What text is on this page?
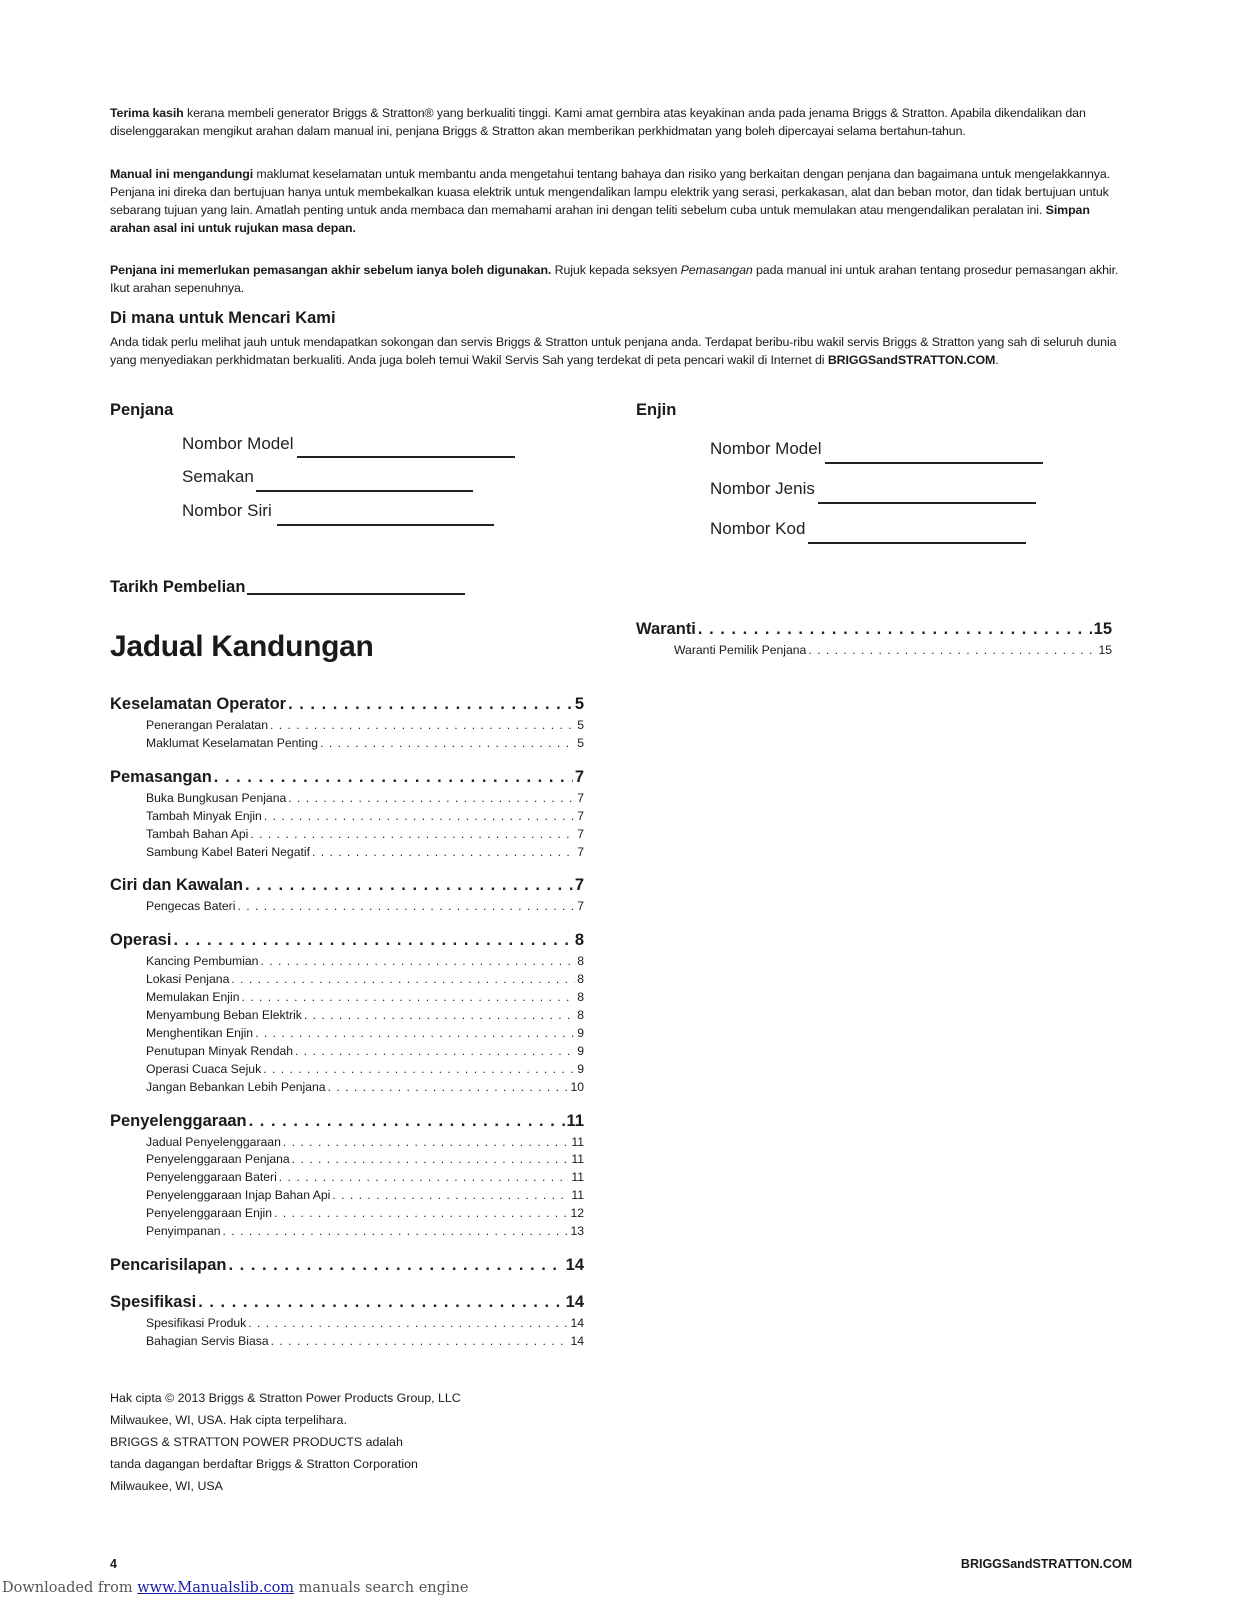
Terima kasih kerana membeli generator Briggs & Stratton® yang berkualiti tinggi. Kami amat gembira atas keyakinan anda pada jenama Briggs & Stratton. Apabila dikendalikan dan diselenggarakan mengikut arahan dalam manual ini, penjana Briggs & Stratton akan memberikan perkhidmatan yang boleh dipercayai selama bertahun-tahun.

Manual ini mengandungi maklumat keselamatan untuk membantu anda mengetahui tentang bahaya dan risiko yang berkaitan dengan penjana dan bagaimana untuk mengelakkannya. Penjana ini direka dan bertujuan hanya untuk membekalkan kuasa elektrik untuk mengendalikan lampu elektrik yang serasi, perkakasan, alat dan beban motor, dan tidak bertujuan untuk sebarang tujuan yang lain. Amatlah penting untuk anda membaca dan memahami arahan ini dengan teliti sebelum cuba untuk memulakan atau mengendalikan peralatan ini. Simpan arahan asal ini untuk rujukan masa depan.

Penjana ini memerlukan pemasangan akhir sebelum ianya boleh digunakan. Rujuk kepada seksyen Pemasangan pada manual ini untuk arahan tentang prosedur pemasangan akhir. Ikut arahan sepenuhnya.

Di mana untuk Mencari Kami

Anda tidak perlu melihat jauh untuk mendapatkan sokongan dan servis Briggs & Stratton untuk penjana anda. Terdapat beribu-ribu wakil servis Briggs & Stratton yang sah di seluruh dunia yang menyediakan perkhidmatan berkualiti. Anda juga boleh temui Wakil Servis Sah yang terdekat di peta pencari wakil di Internet di BRIGGSandSTRATTON.COM.

Penjana
Nombor Model
Semakan
Nombor Siri
Enjin
Nombor Model
Nombor Jenis
Nombor Kod
Tarikh Pembelian
Jadual Kandungan
Keselamatan Operator . . .	5
Penerangan Peralatan . . .	5
Maklumat Keselamatan Penting . . .	5
Pemasangan . . .	7
Buka Bungkusan Penjana . . .	7
Tambah Minyak Enjin . . .	7
Tambah Bahan Api . . .	7
Sambung Kabel Bateri Negatif . . .	7
Ciri dan Kawalan . . .	7
Pengecas Bateri . . .	7
Operasi . . .	8
Kancing Pembumian . . .	8
Lokasi Penjana . . .	8
Memulakan Enjin . . .	8
Menyambung Beban Elektrik . . .	8
Menghentikan Enjin . . .	9
Penutupan Minyak Rendah . . .	9
Operasi Cuaca Sejuk . . .	9
Jangan Bebankan Lebih Penjana . . .	10
Penyelenggaraan . . .	11
Jadual Penyelenggaraan . . .	11
Penyelenggaraan Penjana . . .	11
Penyelenggaraan Bateri . . .	11
Penyelenggaraan Injap Bahan Api . . .	11
Penyelenggaraan Enjin . . .	12
Penyimpanan . . .	13
Pencarisilapan . . .	14
Spesifikasi . . .	14
Spesifikasi Produk . . .	14
Bahagian Servis Biasa . . .	14
Waranti . . .	15
Waranti Pemilik Penjana . . .	15
Hak cipta © 2013 Briggs & Stratton Power Products Group, LLC
Milwaukee, WI, USA. Hak cipta terpelihara.
BRIGGS & STRATTON POWER PRODUCTS adalah
tanda dagangan berdaftar Briggs & Stratton Corporation
Milwaukee, WI, USA
4	BRIGGSandSTRATTON.COM
Downloaded from www.Manualslib.com manuals search engine
